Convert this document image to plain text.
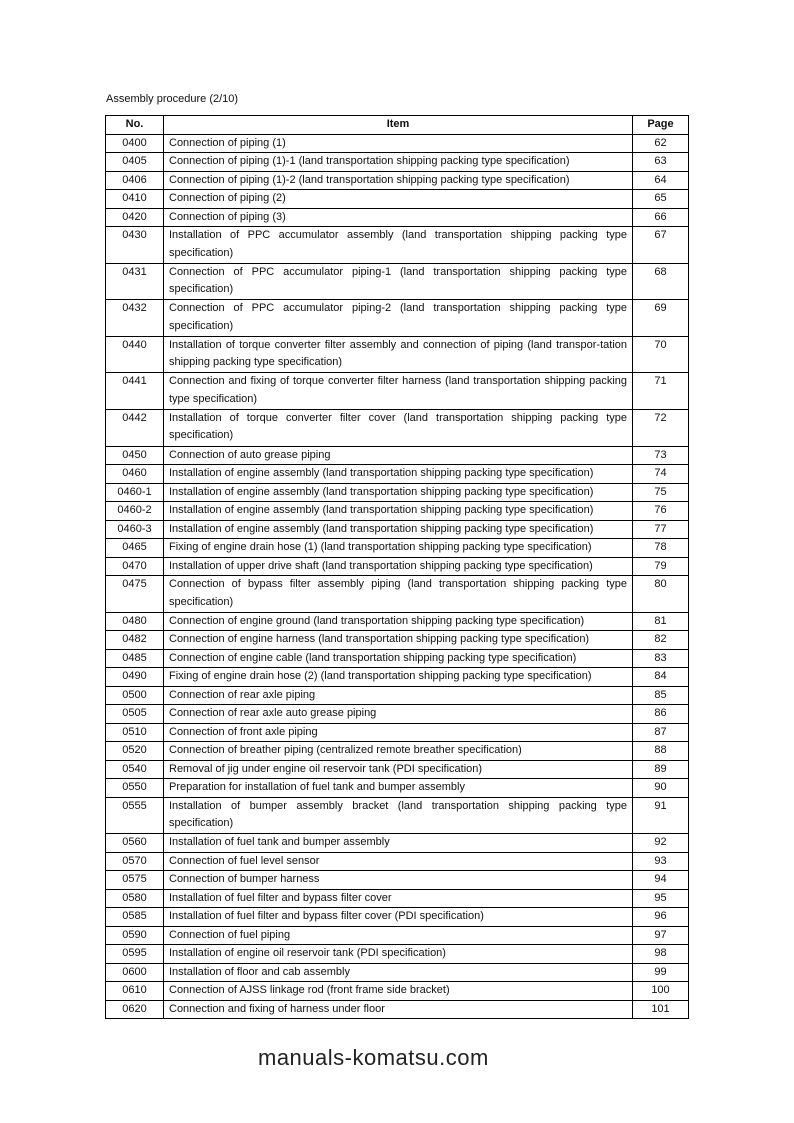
Assembly procedure (2/10)
No.	Item	Page
0400	Connection of piping (1)	62
0405	Connection of piping (1)-1 (land transportation shipping packing type specification)	63
0406	Connection of piping (1)-2 (land transportation shipping packing type specification)	64
0410	Connection of piping (2)	65
0420	Connection of piping (3)	66
0430	Installation of PPC accumulator assembly (land transportation shipping packing type specification)	67
0431	Connection of PPC accumulator piping-1 (land transportation shipping packing type specification)	68
0432	Connection of PPC accumulator piping-2 (land transportation shipping packing type specification)	69
0440	Installation of torque converter filter assembly and connection of piping (land transpor-tation shipping packing type specification)	70
0441	Connection and fixing of torque converter filter harness (land transportation shipping packing type specification)	71
0442	Installation of torque converter filter cover (land transportation shipping packing type specification)	72
0450	Connection of auto grease piping	73
0460	Installation of engine assembly (land transportation shipping packing type specification)	74
0460-1	Installation of engine assembly (land transportation shipping packing type specification)	75
0460-2	Installation of engine assembly (land transportation shipping packing type specification)	76
0460-3	Installation of engine assembly (land transportation shipping packing type specification)	77
0465	Fixing of engine drain hose (1) (land transportation shipping packing type specification)	78
0470	Installation of upper drive shaft (land transportation shipping packing type specification)	79
0475	Connection of bypass filter assembly piping (land transportation shipping packing type specification)	80
0480	Connection of engine ground (land transportation shipping packing type specification)	81
0482	Connection of engine harness (land transportation shipping packing type specification)	82
0485	Connection of engine cable (land transportation shipping packing type specification)	83
0490	Fixing of engine drain hose (2) (land transportation shipping packing type specification)	84
0500	Connection of rear axle piping	85
0505	Connection of rear axle auto grease piping	86
0510	Connection of front axle piping	87
0520	Connection of breather piping (centralized remote breather specification)	88
0540	Removal of jig under engine oil reservoir tank (PDI specification)	89
0550	Preparation for installation of fuel tank and bumper assembly	90
0555	Installation of bumper assembly bracket (land transportation shipping packing type specification)	91
0560	Installation of fuel tank and bumper assembly	92
0570	Connection of fuel level sensor	93
0575	Connection of bumper harness	94
0580	Installation of fuel filter and bypass filter cover	95
0585	Installation of fuel filter and bypass filter cover (PDI specification)	96
0590	Connection of fuel piping	97
0595	Installation of engine oil reservoir tank (PDI specification)	98
0600	Installation of floor and cab assembly	99
0610	Connection of AJSS linkage rod (front frame side bracket)	100
0620	Connection and fixing of harness under floor	101
manuals-komatsu.com
